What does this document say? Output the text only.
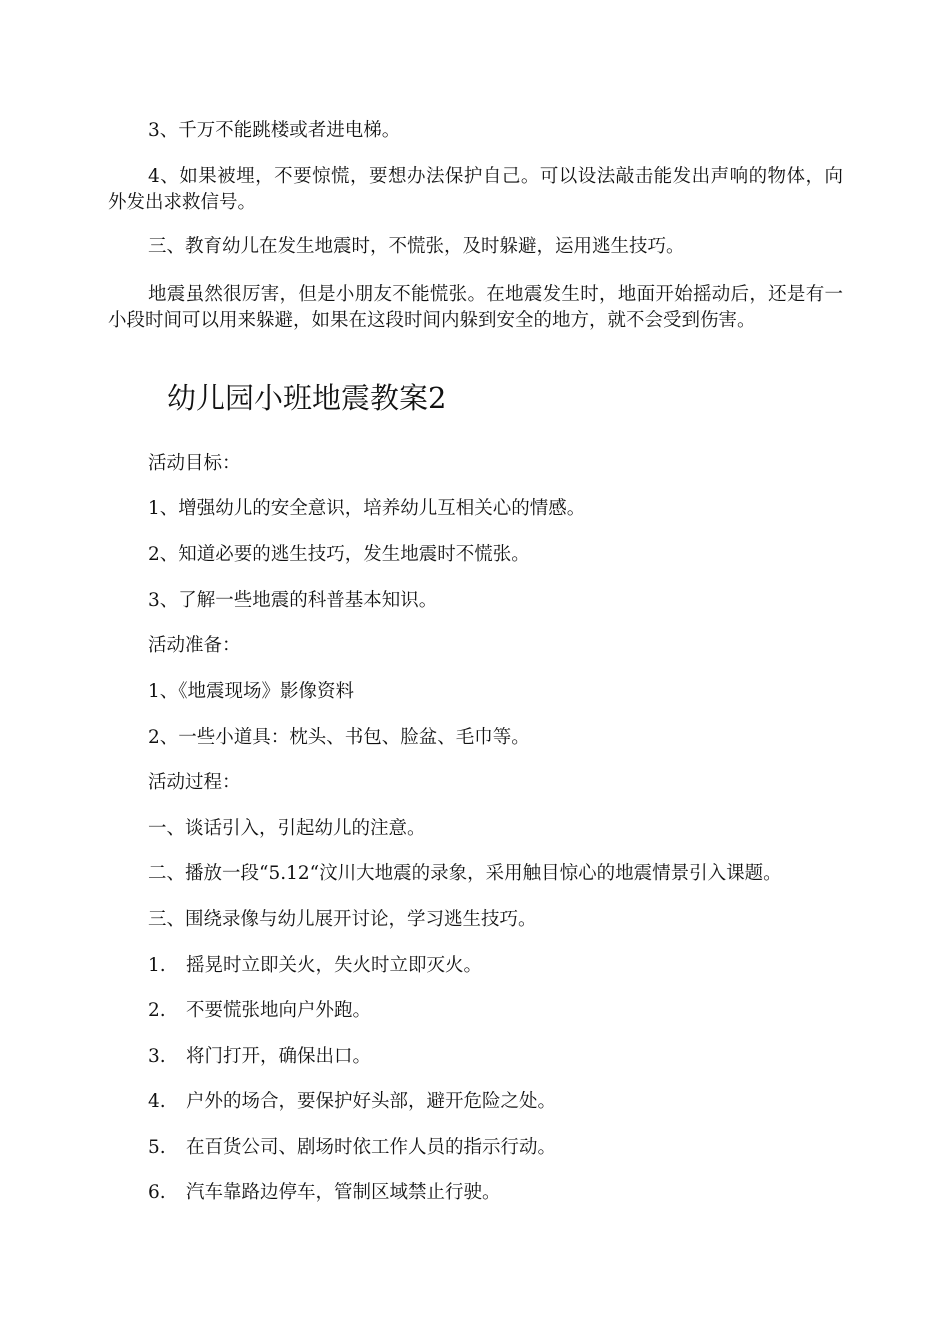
3、千万不能跳楼或者进电梯。
4、如果被埋，不要惊慌，要想办法保护自己。可以设法敲击能发出声响的物体，向外发出求救信号。
三、教育幼儿在发生地震时，不慌张，及时躲避，运用逃生技巧。
地震虽然很厉害，但是小朋友不能慌张。在地震发生时，地面开始摇动后，还是有一小段时间可以用来躲避，如果在这段时间内躲到安全的地方，就不会受到伤害。
幼儿园小班地震教案2
活动目标：
1、增强幼儿的安全意识，培养幼儿互相关心的情感。
2、知道必要的逃生技巧，发生地震时不慌张。
3、了解一些地震的科普基本知识。
活动准备：
1、《地震现场》影像资料
2、一些小道具：枕头、书包、脸盆、毛巾等。
活动过程：
一、谈话引入，引起幼儿的注意。
二、播放一段“5.12“汶川大地震的录象，采用触目惊心的地震情景引入课题。
三、围绕录像与幼儿展开讨论，学习逃生技巧。
1. 摇晃时立即关火，失火时立即灭火。
2. 不要慌张地向户外跑。
3. 将门打开，确保出口。
4. 户外的场合，要保护好头部，避开危险之处。
5. 在百货公司、剧场时依工作人员的指示行动。
6. 汽车靠路边停车，管制区域禁止行驶。
